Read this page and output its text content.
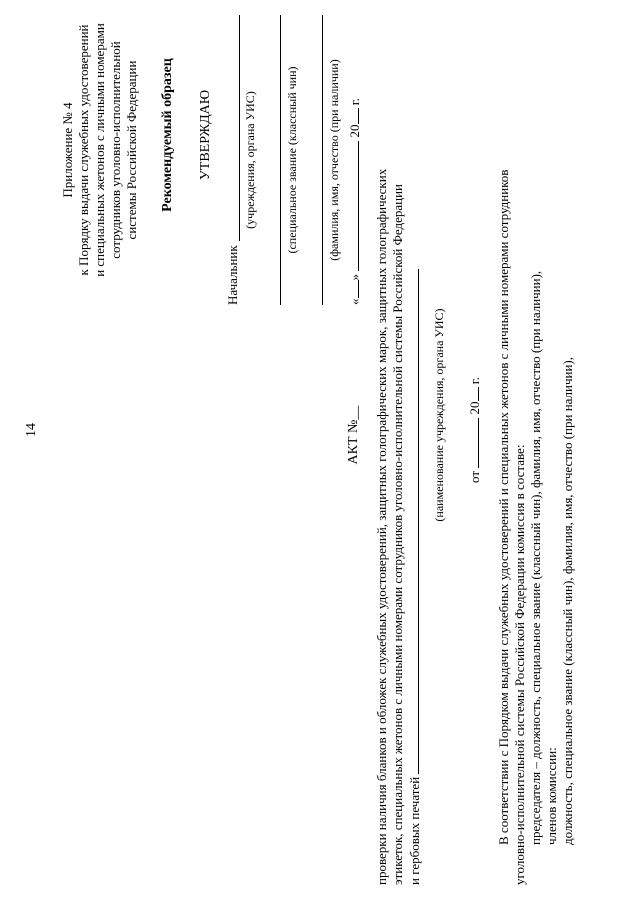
14
Приложение № 4 к Порядку выдачи служебных удостоверений и специальных жетонов с личными номерами сотрудников уголовно-исполнительной системы Российской Федерации Рекомендуемый образец УТВЕРЖДАЮ
Начальник
(учреждения, органа УИС) (специальное звание (классный чин) (фамилия, имя, отчество (при наличии)
«»  20 г.
АКТ №__ проверки наличия бланков и обложек служебных удостоверений, защитных голографических марок, защитных голографических этикеток, специальных жетонов с личными номерами сотрудников уголовно-исполнительной системы Российской Федерации и гербовых печатей

(наименование учреждения, органа УИС) от  20 г. В соответствии с Порядком выдачи служебных удостоверений и специальных жетонов с личными номерами сотрудников уголовно-исполнительной системы Российской Федерации комиссия в составе: председателя – должность, специальное звание (классный чин), фамилия, имя, отчество (при наличии), членов комиссии: должность, специальное звание (классный чин), фамилия, имя, отчество (при наличии),
